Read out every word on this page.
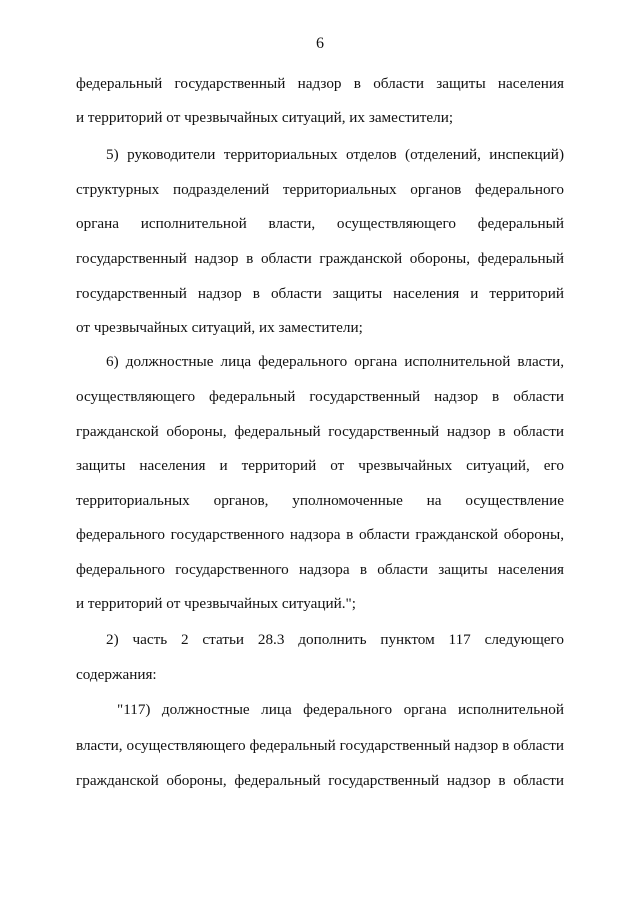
6
федеральный государственный надзор в области защиты населения
и территорий от чрезвычайных ситуаций, их заместители;
5) руководители территориальных отделов (отделений, инспекций)
структурных подразделений территориальных органов федерального
органа исполнительной власти, осуществляющего федеральный
государственный надзор в области гражданской обороны, федеральный
государственный надзор в области защиты населения и территорий
от чрезвычайных ситуаций, их заместители;
6) должностные лица федерального органа исполнительной власти,
осуществляющего федеральный государственный надзор в области
гражданской обороны, федеральный государственный надзор в области
защиты населения и территорий от чрезвычайных ситуаций, его
территориальных органов, уполномоченные на осуществление
федерального государственного надзора в области гражданской обороны,
федерального государственного надзора в области защиты населения
и территорий от чрезвычайных ситуаций.";
2) часть 2 статьи 28.3 дополнить пунктом 117 следующего
содержания:
"117) должностные лица федерального органа исполнительной
власти, осуществляющего федеральный государственный надзор в области
гражданской обороны, федеральный государственный надзор в области
